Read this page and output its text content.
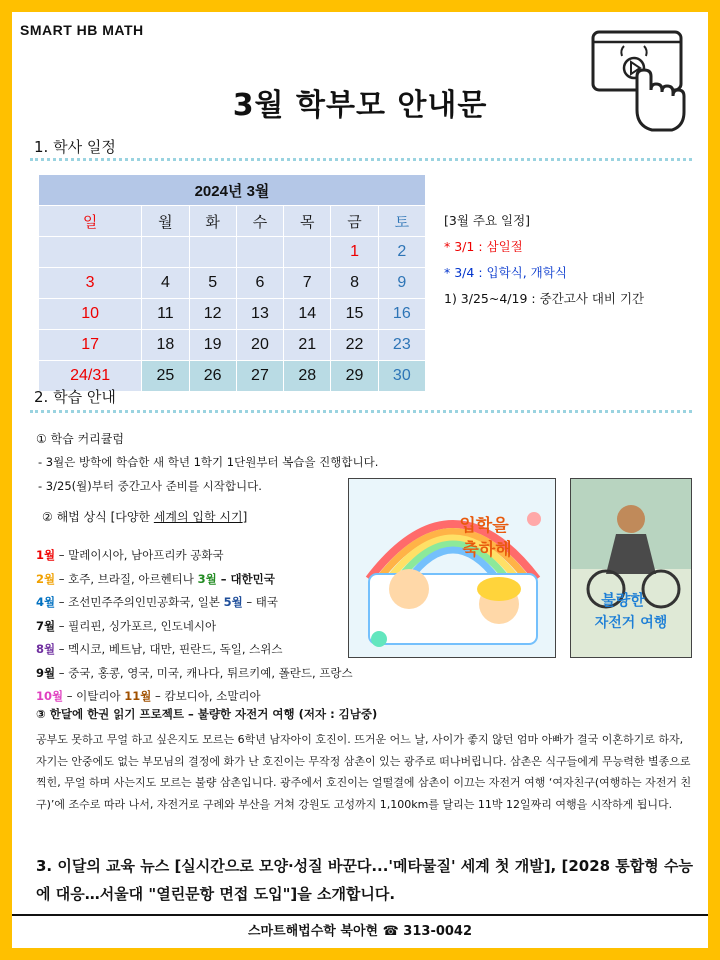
SMART HB MATH
3월 학부모 안내문
1. 학사 일정
2024년 3월						
일	월	화	수	목	금	토
					1	2
3	4	5	6	7	8	9
10	11	12	13	14	15	16
17	18	19	20	21	22	23
24/31	25	26	27	28	29	30
[3월 주요 일정]
* 3/1 : 삼일절
* 3/4 : 입학식, 개학식
1) 3/25~4/19 : 중간고사 대비 기간
2. 학습 안내
① 학습 커리큘럼
- 3월은 방학에 학습한 새 학년 1학기 1단원부터 복습을 진행합니다.
- 3/25(월)부터 중간고사 준비를 시작합니다.
② 해법 상식 [다양한 세계의 입학 시기]
1월 – 말레이시아, 남아프리카 공화국
2월 – 호주, 브라질, 아르헨티나 3월 – 대한민국
4월 – 조선민주주의인민공화국, 일본 5월 – 태국
7월 – 필리핀, 싱가포르, 인도네시아
8월 – 멕시코, 베트남, 대만, 핀란드, 독일, 스위스
9월 – 중국, 홍콩, 영국, 미국, 캐나다, 튀르키예, 폴란드, 프랑스
10월 – 이탈리아 11월 – 캄보디아, 소말리아
입학을
축하해
불량한
자전거 여행
③ 한달에 한권 읽기 프로젝트 – 불량한 자전거 여행 (저자 : 김남중)
공부도 못하고 무얼 하고 싶은지도 모르는 6학년 남자아이 호진이. 뜨거운 어느 날, 사이가 좋지 않던 엄마 아빠가 결국 이혼하기로 하자, 자기는 안중에도 없는 부모님의 결정에 화가 난 호진이는 무작정 삼촌이 있는 광주로 떠나버립니다. 삼촌은 식구들에게 무능력한 별종으로 찍힌, 무얼 하며 사는지도 모르는 불량 삼촌입니다. 광주에서 호진이는 얼떨결에 삼촌이 이끄는 자전거 여행 ‘여자친구(여행하는 자전거 친구)’에 조수로 따라 나서, 자전거로 구례와 부산을 거쳐 강원도 고성까지 1,100km를 달리는 11박 12일짜리 여행을 시작하게 됩니다.
3. 이달의 교육 뉴스 [실시간으로 모양·성질 바꾼다...'메타물질' 세계 첫 개발], [2028 통합형 수능에 대응…서울대 "열린문항 면접 도입"]을 소개합니다.
스마트해법수학 북아현 ☎ 313-0042
